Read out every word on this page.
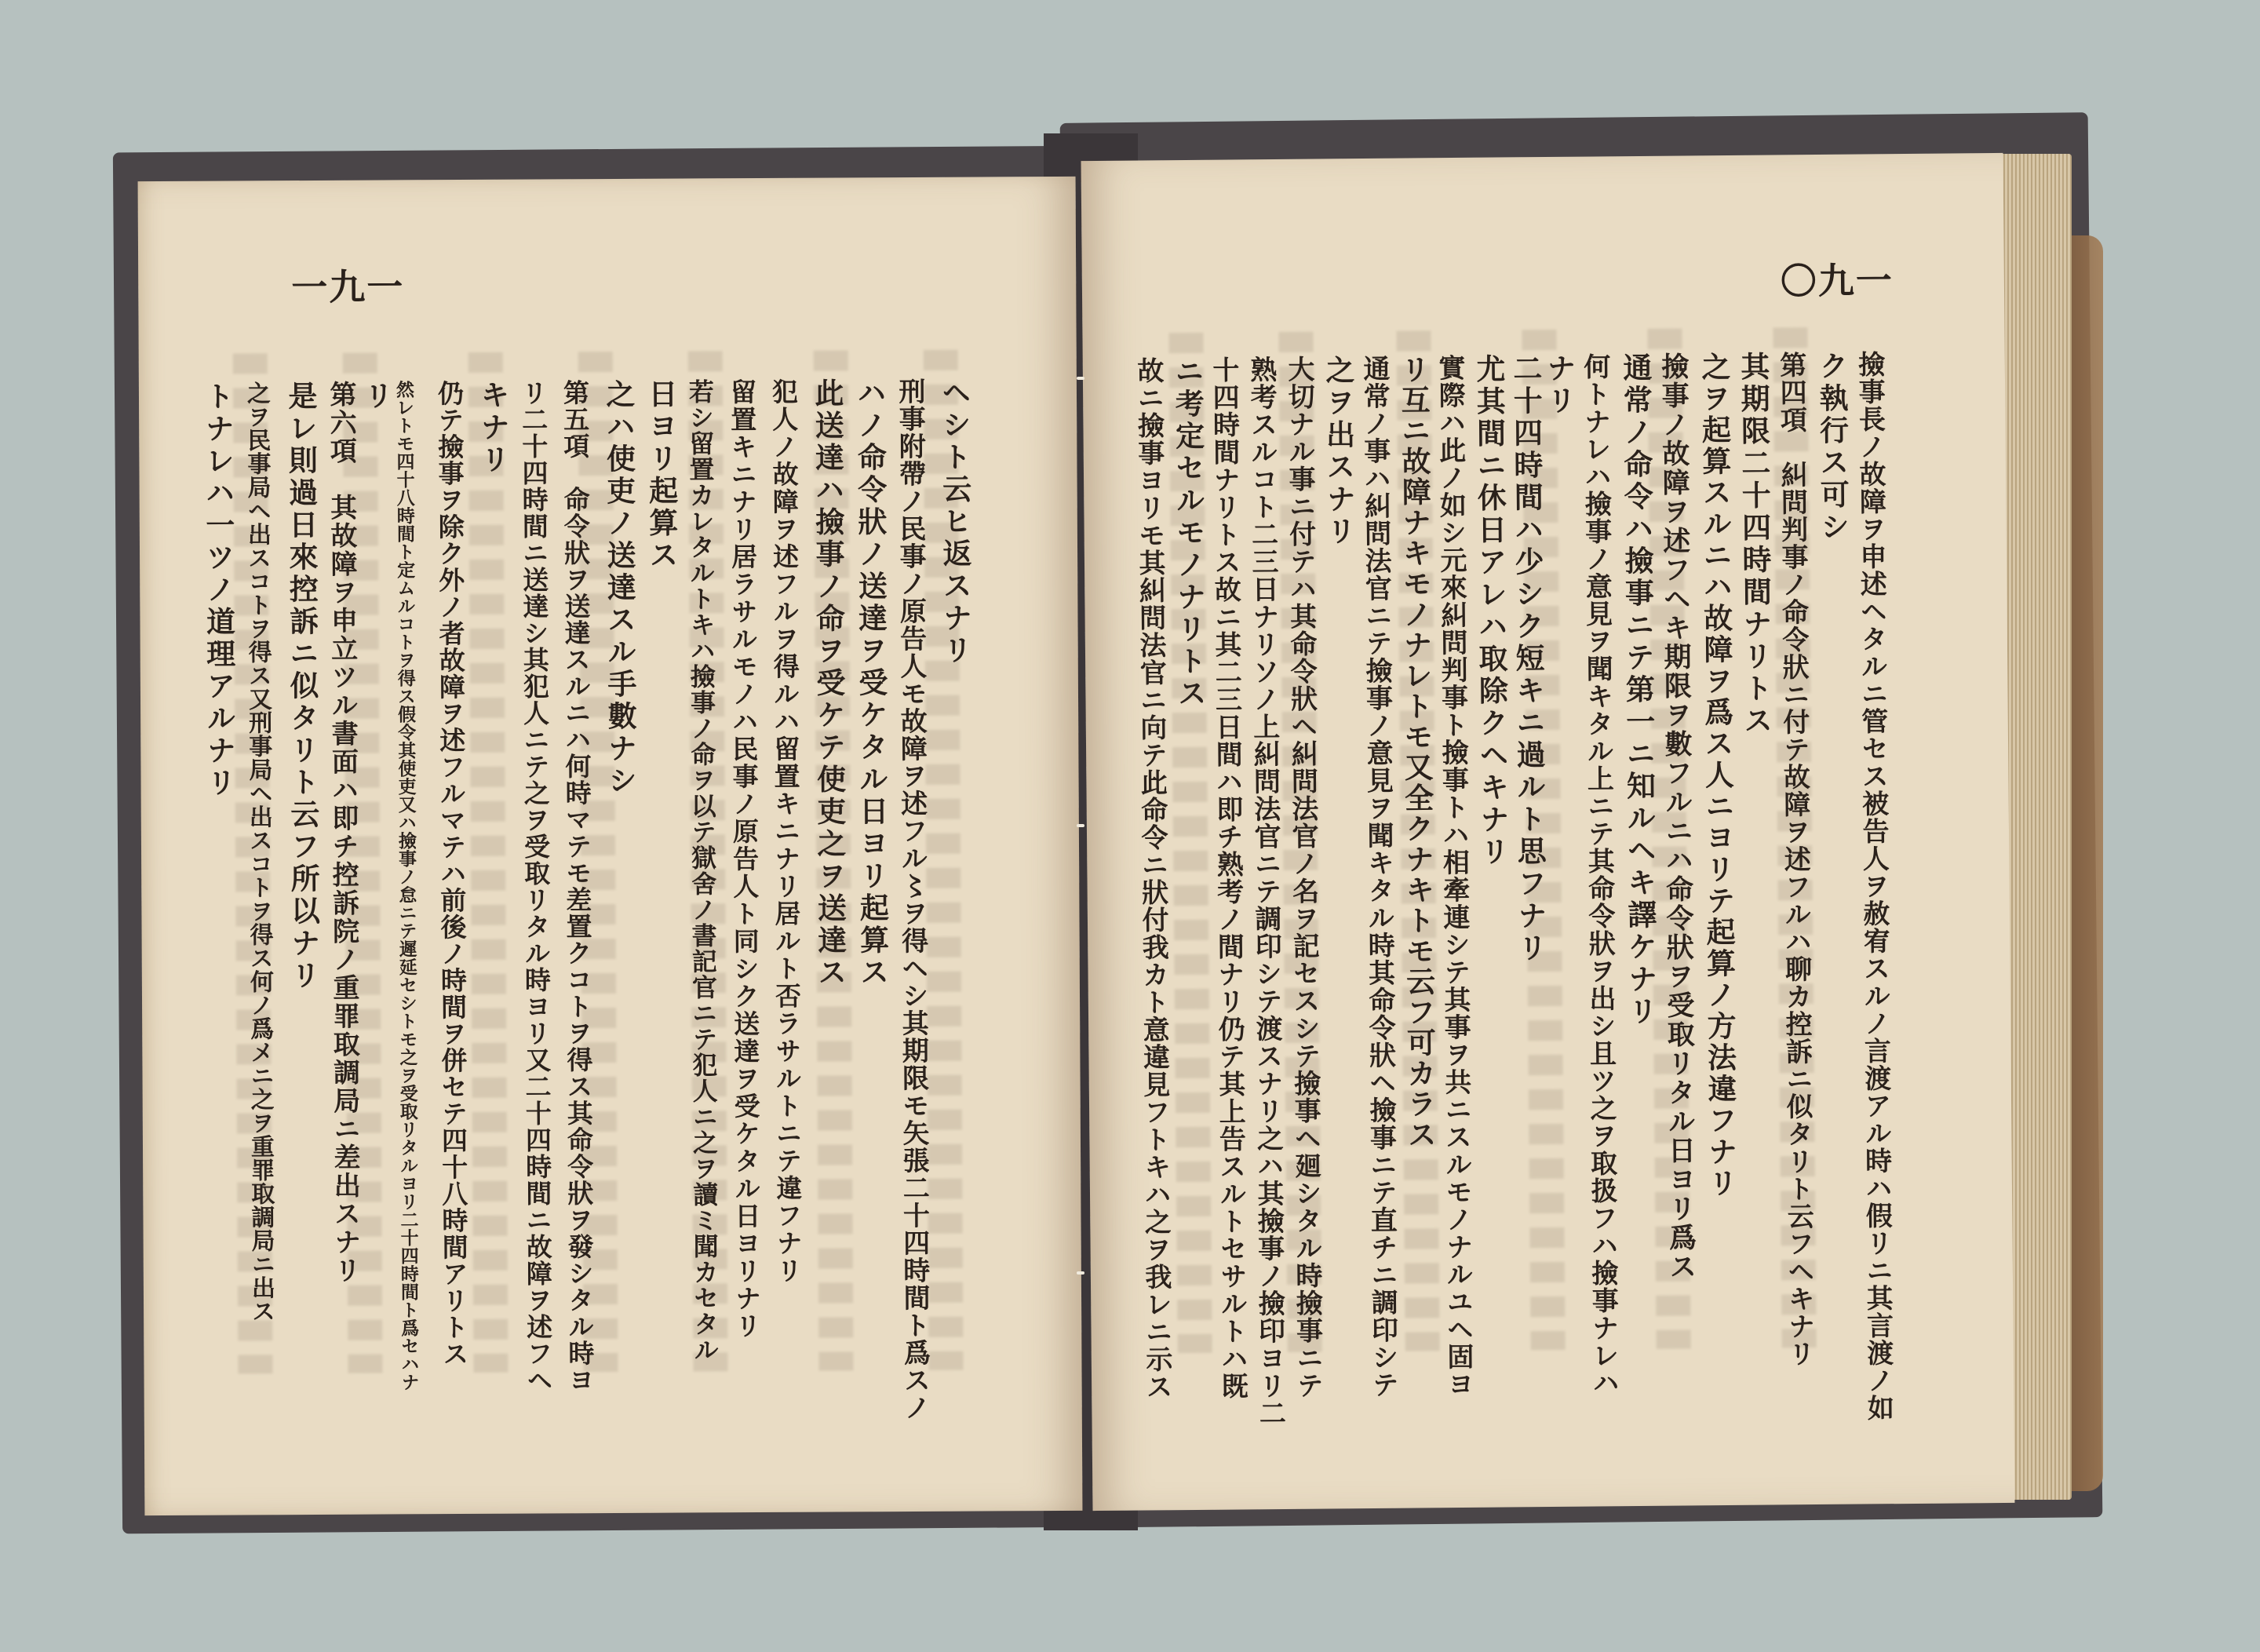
一九一
ヘシト云ヒ返スナリ
刑事附帶ノ民事ノ原告人モ故障ヲ述フル〻ヲ得ヘシ其期限モ矢張二十四時間ト爲スノ
ハノ命令狀ノ送達ヲ受ケタル日ヨリ起算ス
此送達ハ撿事ノ命ヲ受ケテ使吏之ヲ送達ス
犯人ノ故障ヲ述フルヲ得ルハ留置キニナリ居ルト否ラサルトニテ違フナリ
留置キニナリ居ラサルモノハ民事ノ原告人ト同シク送達ヲ受ケタル日ヨリナリ
若シ留置カレタルトキハ撿事ノ命ヲ以テ獄舍ノ書記官ニテ犯人ニ之ヲ讀ミ聞カセタル
日ヨリ起算ス
之ハ使吏ノ送達スル手數ナシ
第五項　命令狀ヲ送達スルニハ何時マテモ差置クコトヲ得ス其命令狀ヲ發シタル時ヨ
リ二十四時間ニ送達シ其犯人ニテ之ヲ受取リタル時ヨリ又二十四時間ニ故障ヲ述フヘ
キナリ
仍テ撿事ヲ除ク外ノ者故障ヲ述フルマテハ前後ノ時間ヲ併セテ四十八時間アリトス
然レトモ四十八時間ト定ムルコトヲ得ス假令其使吏又ハ撿事ノ怠ニテ遲延セシトモ之ヲ受取リタルヨリ二十四時間ト爲セハナ
リ
第六項　其故障ヲ申立ツル書面ハ即チ控訴院ノ重罪取調局ニ差出スナリ
是レ則過日來控訴ニ似タリト云フ所以ナリ
之ヲ民事局ヘ出スコトヲ得ス又刑事局ヘ出スコトヲ得ス何ノ爲メニ之ヲ重罪取調局ニ出ス
トナレハ一ツノ道理アルナリ
〇九一
撿事長ノ故障ヲ申述ヘタルニ管セス被告人ヲ赦宥スルノ言渡アル時ハ假リニ其言渡ノ如
ク執行ス可シ
第四項　糾問判事ノ命令狀ニ付テ故障ヲ述フルハ聊カ控訴ニ似タリト云フヘキナリ
其期限二十四時間ナリトス
之ヲ起算スルニハ故障ヲ爲ス人ニヨリテ起算ノ方法違フナリ
撿事ノ故障ヲ述フヘキ期限ヲ數フルニハ命令狀ヲ受取リタル日ヨリ爲ス
通常ノ命令ハ撿事ニテ第一ニ知ルヘキ譯ケナリ
何トナレハ撿事ノ意見ヲ聞キタル上ニテ其命令狀ヲ出シ且ツ之ヲ取扱フハ撿事ナレハ
ナリ
二十四時間ハ少シク短キニ過ルト思フナリ
尤其間ニ休日アレハ取除クヘキナリ
實際ハ此ノ如シ元來糾問判事ト撿事トハ相牽連シテ其事ヲ共ニスルモノナルユヘ固ヨ
リ互ニ故障ナキモノナレトモ又全クナキトモ云フ可カラス
通常ノ事ハ糾問法官ニテ撿事ノ意見ヲ聞キタル時其命令狀ヘ撿事ニテ直チニ調印シテ
之ヲ出スナリ
大切ナル事ニ付テハ其命令狀ヘ糾問法官ノ名ヲ記セスシテ撿事ヘ廻シタル時撿事ニテ
熟考スルコト二三日ナリソノ上糾問法官ニテ調印シテ渡スナリ之ハ其撿事ノ撿印ヨリ二
十四時間ナリトス故ニ其二三日間ハ即チ熟考ノ間ナリ仍テ其上告スルトセサルトハ既
ニ考定セルモノナリトス
故ニ撿事ヨリモ其糾問法官ニ向テ此命令ニ狀付我カト意違見フトキハ之ヲ我レニ示ス
